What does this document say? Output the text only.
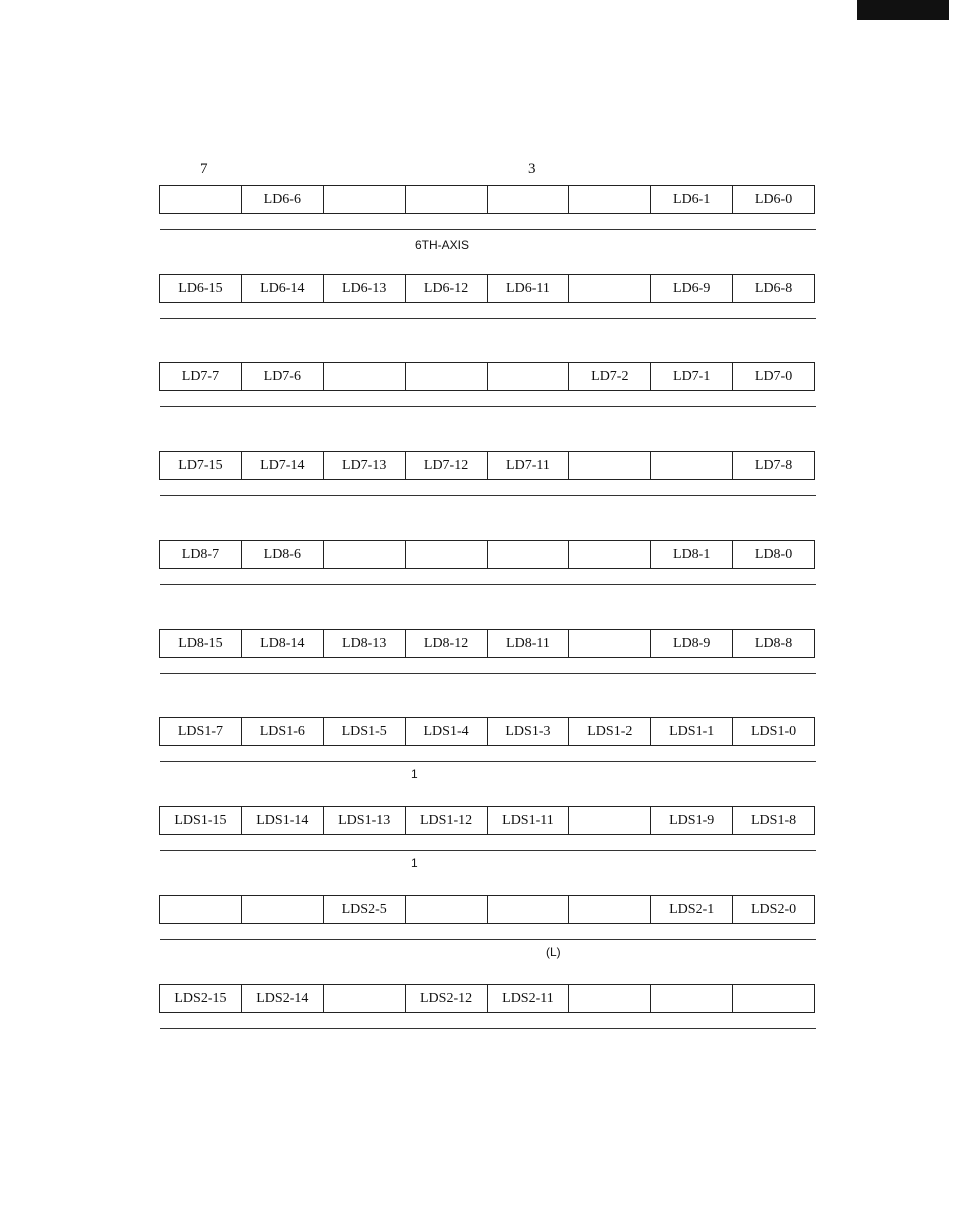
7	3
	LD6-6					LD6-1	LD6-0
6TH-AXIS
LD6-15	LD6-14	LD6-13	LD6-12	LD6-11		LD6-9	LD6-8
LD7-7	LD7-6				LD7-2	LD7-1	LD7-0
LD7-15	LD7-14	LD7-13	LD7-12	LD7-11			LD7-8
LD8-7	LD8-6					LD8-1	LD8-0
LD8-15	LD8-14	LD8-13	LD8-12	LD8-11		LD8-9	LD8-8
LDS1-7	LDS1-6	LDS1-5	LDS1-4	LDS1-3	LDS1-2	LDS1-1	LDS1-0
1
LDS1-15	LDS1-14	LDS1-13	LDS1-12	LDS1-11		LDS1-9	LDS1-8
1
		LDS2-5				LDS2-1	LDS2-0
(L)
LDS2-15	LDS2-14		LDS2-12	LDS2-11			
